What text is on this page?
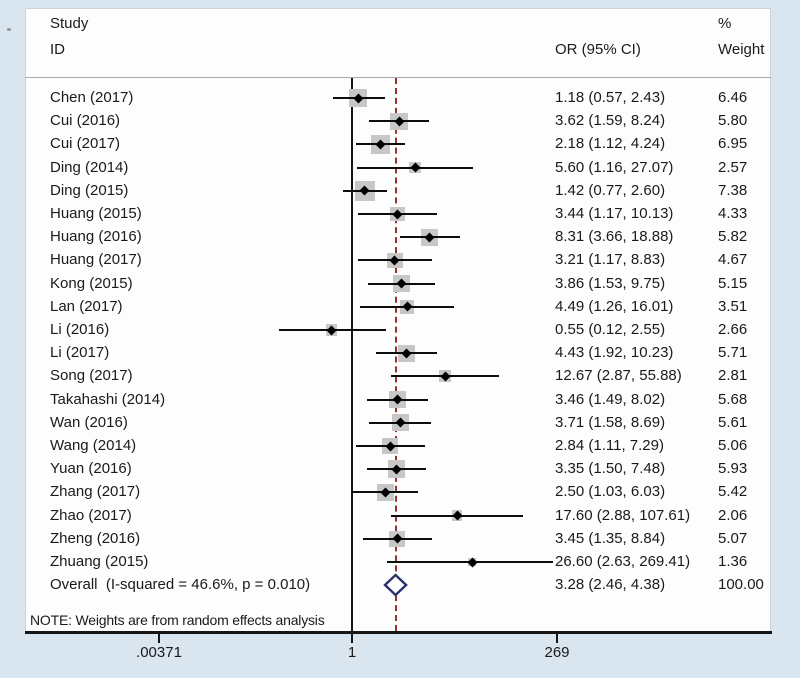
Study
ID	OR (95% CI)
%
Weight
Chen (2017)	1.18 (0.57, 2.43)	6.46
Cui (2016)	3.62 (1.59, 8.24)	5.80
Cui (2017)	2.18 (1.12, 4.24)	6.95
Ding (2014)	5.60 (1.16, 27.07)	2.57
Ding (2015)	1.42 (0.77, 2.60)	7.38
Huang (2015)	3.44 (1.17, 10.13)	4.33
Huang (2016)	8.31 (3.66, 18.88)	5.82
Huang (2017)	3.21 (1.17, 8.83)	4.67
Kong (2015)	3.86 (1.53, 9.75)	5.15
Lan (2017)	4.49 (1.26, 16.01)	3.51
Li (2016)	0.55 (0.12, 2.55)	2.66
Li (2017)	4.43 (1.92, 10.23)	5.71
Song (2017)	12.67 (2.87, 55.88) 2.81
Takahashi (2014)	3.46 (1.49, 8.02)	5.68
Wan (2016)	3.71 (1.58, 8.69)	5.61
Wang (2014)	2.84 (1.11, 7.29)	5.06
Yuan (2016)	3.35 (1.50, 7.48)	5.93
Zhang (2017)	2.50 (1.03, 6.03)	5.42
Zhao (2017)	17.60 (2.88, 107.61) 2.06
Zheng (2016)	3.45 (1.35, 8.84)	5.07
Zhuang (2015)	26.60 (2.63, 269.41) 1.36
Overall  (I-squared = 46.6%, p = 0.010)	3.28 (2.46, 4.38)	100.00
NOTE: Weights are from random effects analysis
.00371	1	269
